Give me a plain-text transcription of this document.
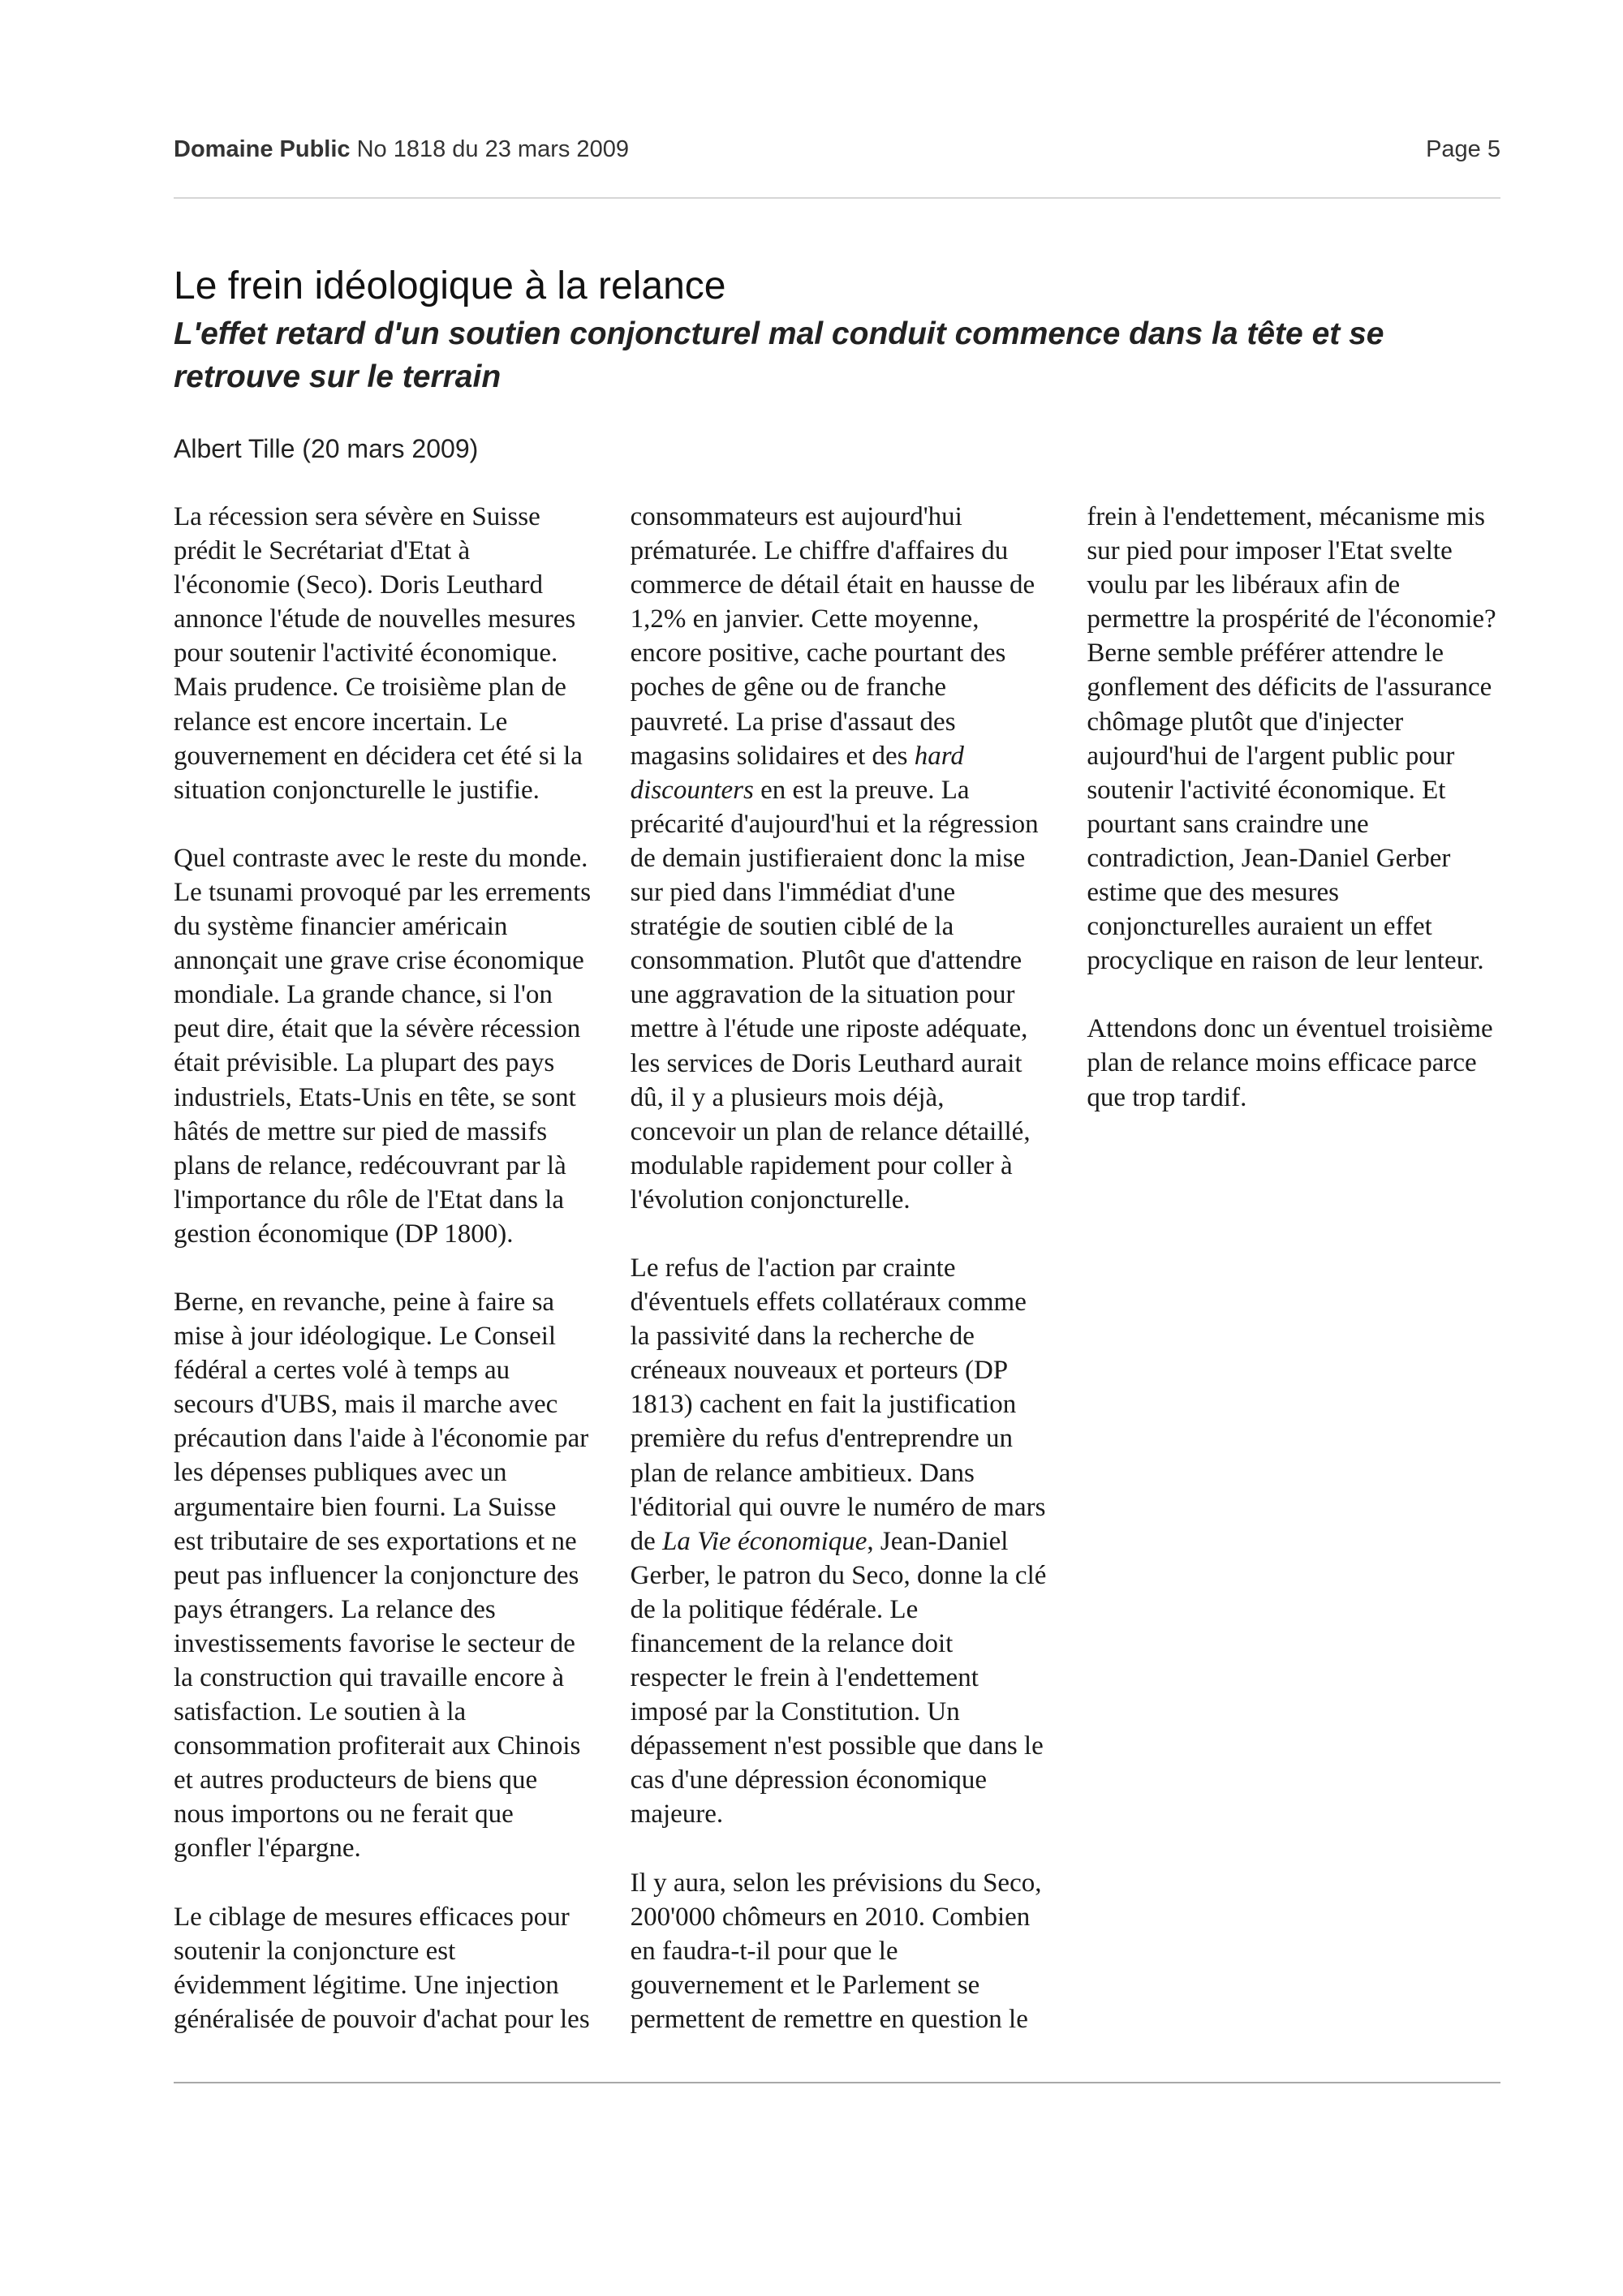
Domaine Public No 1818 du 23 mars 2009	Page 5
Le frein idéologique à la relance
L'effet retard d'un soutien conjoncturel mal conduit commence dans la tête et se retrouve sur le terrain

Albert Tille (20 mars 2009)

La récession sera sévère en Suisse prédit le Secrétariat d'Etat à l'économie (Seco). Doris Leuthard annonce l'étude de nouvelles mesures pour soutenir l'activité économique. Mais prudence. Ce troisième plan de relance est encore incertain. Le gouvernement en décidera cet été si la situation conjoncturelle le justifie.

Quel contraste avec le reste du monde. Le tsunami provoqué par les errements du système financier américain annonçait une grave crise économique mondiale. La grande chance, si l'on peut dire, était que la sévère récession était prévisible. La plupart des pays industriels, Etats-Unis en tête, se sont hâtés de mettre sur pied de massifs plans de relance, redécouvrant par là l'importance du rôle de l'Etat dans la gestion économique (DP 1800).

Berne, en revanche, peine à faire sa mise à jour idéologique. Le Conseil fédéral a certes volé à temps au secours d'UBS, mais il marche avec précaution dans l'aide à l'économie par les dépenses publiques avec un argumentaire bien fourni. La Suisse est tributaire de ses exportations et ne peut pas influencer la conjoncture des pays étrangers. La relance des investissements favorise le secteur de la construction qui travaille encore à satisfaction. Le soutien à la consommation profiterait aux Chinois et autres producteurs de biens que nous importons ou ne ferait que gonfler l'épargne.

Le ciblage de mesures efficaces pour soutenir la conjoncture est évidemment légitime. Une injection généralisée de pouvoir d'achat pour les consommateurs est aujourd'hui prématurée. Le chiffre d'affaires du commerce de détail était en hausse de 1,2% en janvier. Cette moyenne, encore positive, cache pourtant des poches de gêne ou de franche pauvreté. La prise d'assaut des magasins solidaires et des hard discounters en est la preuve. La précarité d'aujourd'hui et la régression de demain justifieraient donc la mise sur pied dans l'immédiat d'une stratégie de soutien ciblé de la consommation. Plutôt que d'attendre une aggravation de la situation pour mettre à l'étude une riposte adéquate, les services de Doris Leuthard aurait dû, il y a plusieurs mois déjà, concevoir un plan de relance détaillé, modulable rapidement pour coller à l'évolution conjoncturelle.

Le refus de l'action par crainte d'éventuels effets collatéraux comme la passivité dans la recherche de créneaux nouveaux et porteurs (DP 1813) cachent en fait la justification première du refus d'entreprendre un plan de relance ambitieux. Dans l'éditorial qui ouvre le numéro de mars de La Vie économique, Jean-Daniel Gerber, le patron du Seco, donne la clé de la politique fédérale. Le financement de la relance doit respecter le frein à l'endettement imposé par la Constitution. Un dépassement n'est possible que dans le cas d'une dépression économique majeure.

Il y aura, selon les prévisions du Seco, 200'000 chômeurs en 2010. Combien en faudra-t-il pour que le gouvernement et le Parlement se permettent de remettre en question le frein à l'endettement, mécanisme mis sur pied pour imposer l'Etat svelte voulu par les libéraux afin de permettre la prospérité de l'économie? Berne semble préférer attendre le gonflement des déficits de l'assurance chômage plutôt que d'injecter aujourd'hui de l'argent public pour soutenir l'activité économique. Et pourtant sans craindre une contradiction, Jean-Daniel Gerber estime que des mesures conjoncturelles auraient un effet procyclique en raison de leur lenteur.

Attendons donc un éventuel troisième plan de relance moins efficace parce que trop tardif.
